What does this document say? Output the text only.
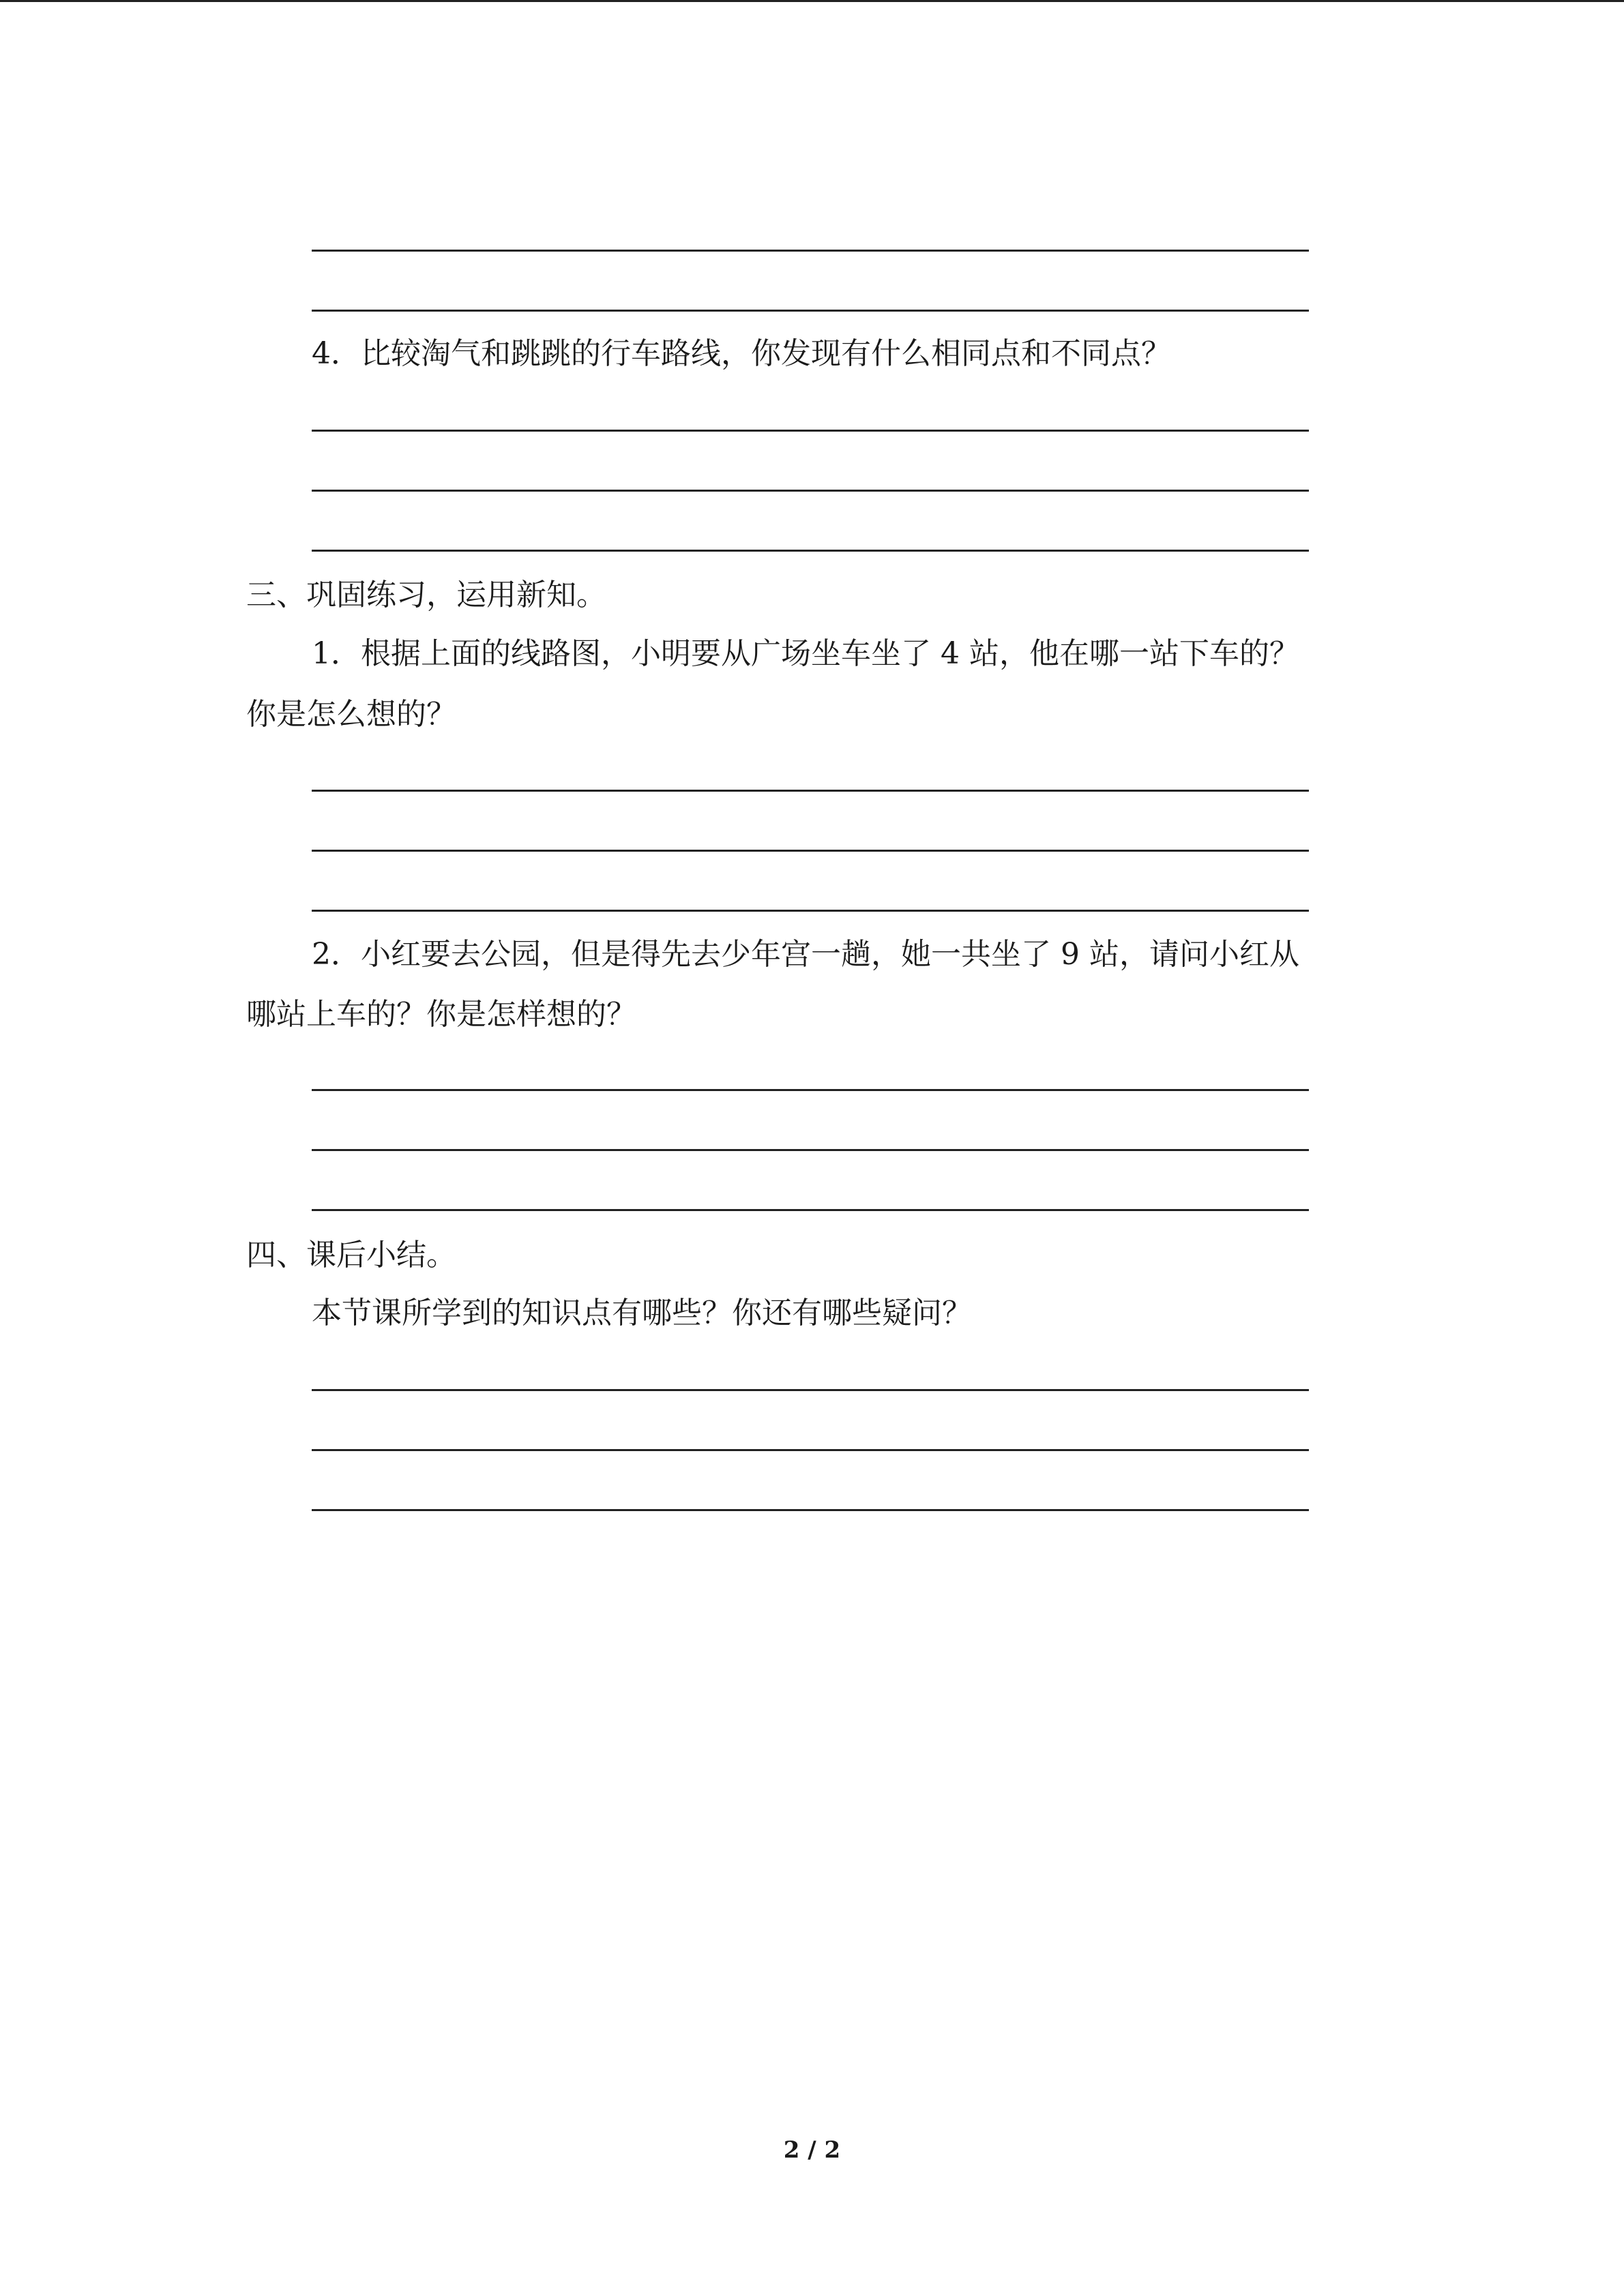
4．比较淘气和跳跳的行车路线，你发现有什么相同点和不同点？
三、巩固练习，运用新知。
1．根据上面的线路图，小明要从广场坐车坐了 4 站，他在哪一站下车的？
你是怎么想的？
2．小红要去公园，但是得先去少年宫一趟，她一共坐了 9 站，请问小红从
哪站上车的？你是怎样想的？
四、课后小结。
本节课所学到的知识点有哪些？你还有哪些疑问？
2 / 2
